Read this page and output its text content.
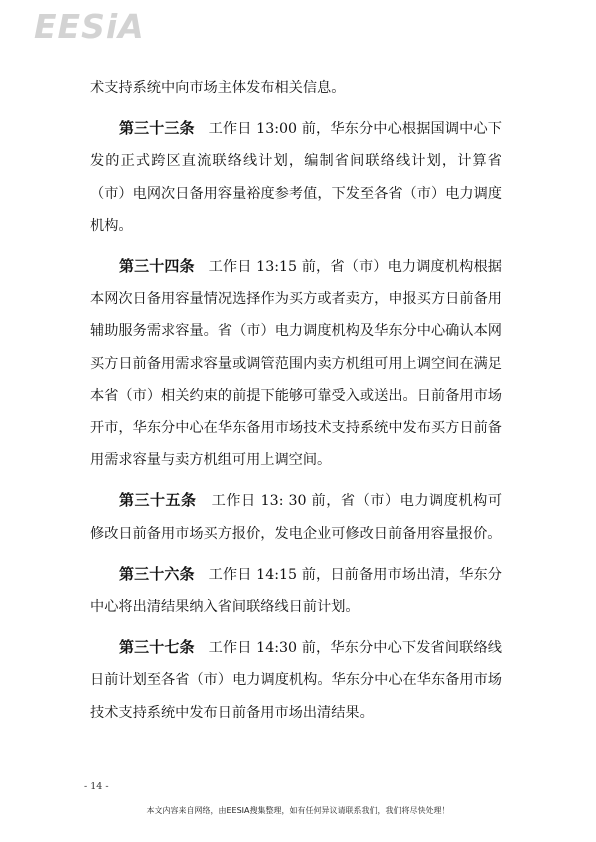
EESiA

术支持系统中向市场主体发布相关信息。

第三十三条 工作日 13:00 前，华东分中心根据国调中心下发的正式跨区直流联络线计划，编制省间联络线计划，计算省（市）电网次日备用容量裕度参考值，下发至各省（市）电力调度机构。

第三十四条 工作日 13:15 前，省（市）电力调度机构根据本网次日备用容量情况选择作为买方或者卖方，申报买方日前备用辅助服务需求容量。省（市）电力调度机构及华东分中心确认本网买方日前备用需求容量或调管范围内卖方机组可用上调空间在满足本省（市）相关约束的前提下能够可靠受入或送出。日前备用市场开市，华东分中心在华东备用市场技术支持系统中发布买方日前备用需求容量与卖方机组可用上调空间。

第三十五条 工作日 13: 30 前，省（市）电力调度机构可修改日前备用市场买方报价，发电企业可修改日前备用容量报价。

第三十六条 工作日 14:15 前，日前备用市场出清，华东分中心将出清结果纳入省间联络线日前计划。

第三十七条 工作日 14:30 前，华东分中心下发省间联络线日前计划至各省（市）电力调度机构。华东分中心在华东备用市场技术支持系统中发布日前备用市场出清结果。

- 14 -
本文内容来自网络，由EESIA搜集整理，如有任何异议请联系我们，我们将尽快处理！
